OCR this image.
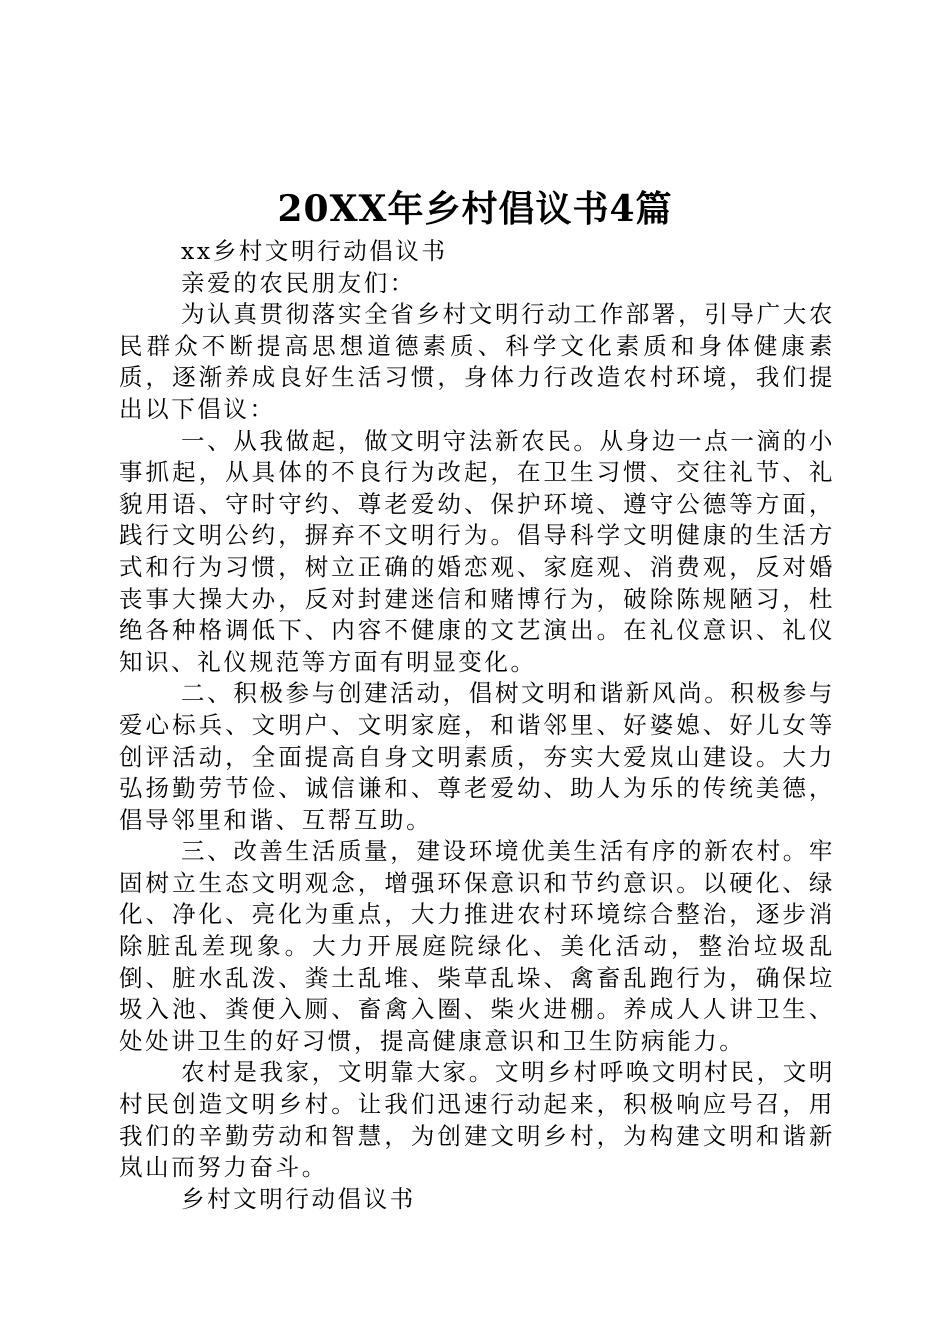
20XX年乡村倡议书4篇

xx乡村文明行动倡议书

亲爱的农民朋友们：

为认真贯彻落实全省乡村文明行动工作部署，引导广大农民群众不断提高思想道德素质、科学文化素质和身体健康素质，逐渐养成良好生活习惯，身体力行改造农村环境，我们提出以下倡议：

一、从我做起，做文明守法新农民。从身边一点一滴的小事抓起，从具体的不良行为改起，在卫生习惯、交往礼节、礼貌用语、守时守约、尊老爱幼、保护环境、遵守公德等方面，践行文明公约，摒弃不文明行为。倡导科学文明健康的生活方式和行为习惯，树立正确的婚恋观、家庭观、消费观，反对婚丧事大操大办，反对封建迷信和赌博行为，破除陈规陋习，杜绝各种格调低下、内容不健康的文艺演出。在礼仪意识、礼仪知识、礼仪规范等方面有明显变化。

二、积极参与创建活动，倡树文明和谐新风尚。积极参与爱心标兵、文明户、文明家庭，和谐邻里、好婆媳、好儿女等创评活动，全面提高自身文明素质，夯实大爱岚山建设。大力弘扬勤劳节俭、诚信谦和、尊老爱幼、助人为乐的传统美德，倡导邻里和谐、互帮互助。

三、改善生活质量，建设环境优美生活有序的新农村。牢固树立生态文明观念，增强环保意识和节约意识。以硬化、绿化、净化、亮化为重点，大力推进农村环境综合整治，逐步消除脏乱差现象。大力开展庭院绿化、美化活动，整治垃圾乱倒、脏水乱泼、粪土乱堆、柴草乱垛、禽畜乱跑行为，确保垃圾入池、粪便入厕、畜禽入圈、柴火进棚。养成人人讲卫生、处处讲卫生的好习惯，提高健康意识和卫生防病能力。

农村是我家，文明靠大家。文明乡村呼唤文明村民，文明村民创造文明乡村。让我们迅速行动起来，积极响应号召，用我们的辛勤劳动和智慧，为创建文明乡村，为构建文明和谐新岚山而努力奋斗。

乡村文明行动倡议书
